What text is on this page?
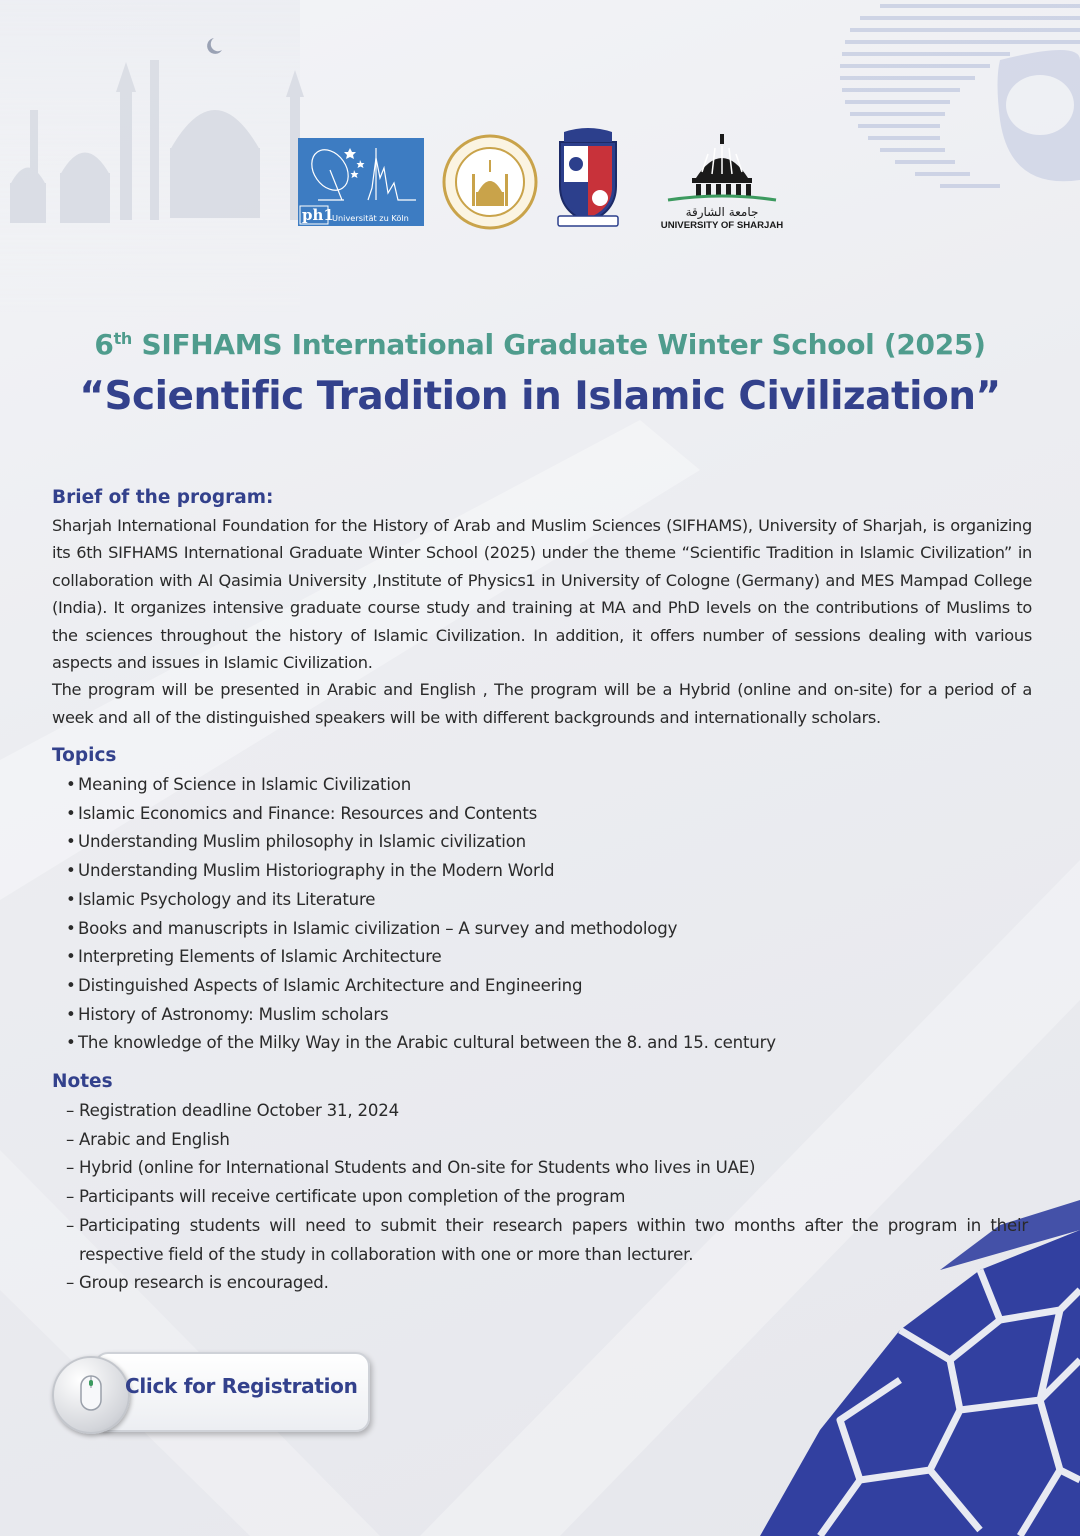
ph1
Universität zu Köln	جامعة الشارقة
UNIVERSITY OF SHARJAH
6th SIFHAMS International Graduate Winter School (2025)
“Scientific Tradition in Islamic Civilization”
Brief of the program:

Sharjah International Foundation for the History of Arab and Muslim Sciences (SIFHAMS), University of Sharjah, is organizing its 6th SIFHAMS International Graduate Winter School (2025) under the theme “Scientific Tradition in Islamic Civilization” in collaboration with Al Qasimia University ,Institute of Physics1 in University of Cologne (Germany) and MES Mampad College (India). It organizes intensive graduate course study and training at MA and PhD levels on the contributions of Muslims to the sciences throughout the history of Islamic Civilization. In addition, it offers number of sessions dealing with various aspects and issues in Islamic Civilization.

The program will be presented in Arabic and English , The program will be a Hybrid (online and on-site) for a period of a week and all of the distinguished speakers will be with different backgrounds and internationally scholars.

Topics
• Meaning of Science in Islamic Civilization
• Islamic Economics and Finance: Resources and Contents
• Understanding Muslim philosophy in Islamic civilization
• Understanding Muslim Historiography in the Modern World
• Islamic Psychology and its Literature
• Books and manuscripts in Islamic civilization – A survey and methodology
• Interpreting Elements of Islamic Architecture
• Distinguished Aspects of Islamic Architecture and Engineering
• History of Astronomy: Muslim scholars
• The knowledge of the Milky Way in the Arabic cultural between the 8. and 15. century
Notes
– Registration deadline October 31, 2024
– Arabic and English
– Hybrid (online for International Students and On-site for Students who lives in UAE)
– Participants will receive certificate upon completion of the program
– Participating students will need to submit their research papers within two months after the program in their respective field of the study in collaboration with one or more than lecturer.
– Group research is encouraged.
Click for Registration
